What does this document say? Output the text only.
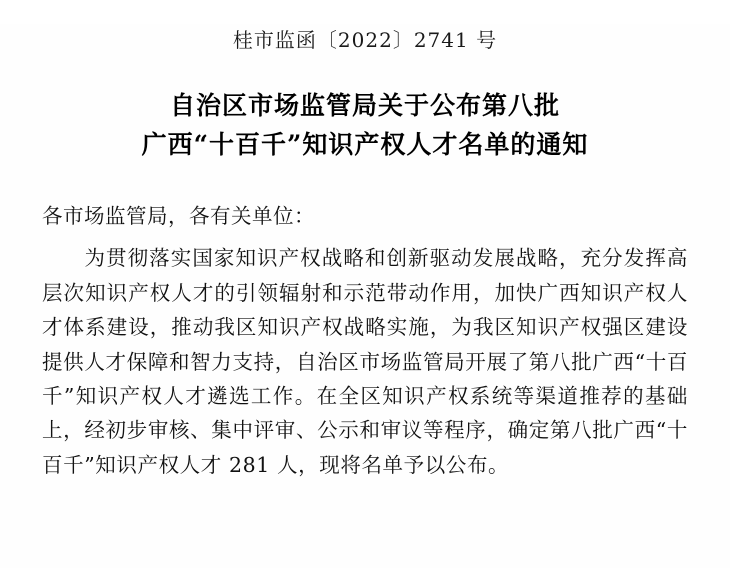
桂市监函〔2022〕2741 号
自治区市场监管局关于公布第八批
广西“十百千”知识产权人才名单的通知
各市场监管局，各有关单位：
为贯彻落实国家知识产权战略和创新驱动发展战略，充分发挥高层次知识产权人才的引领辐射和示范带动作用，加快广西知识产权人才体系建设，推动我区知识产权战略实施，为我区知识产权强区建设提供人才保障和智力支持，自治区市场监管局开展了第八批广西“十百千”知识产权人才遴选工作。在全区知识产权系统等渠道推荐的基础上，经初步审核、集中评审、公示和审议等程序，确定第八批广西“十百千”知识产权人才 281 人，现将名单予以公布。
